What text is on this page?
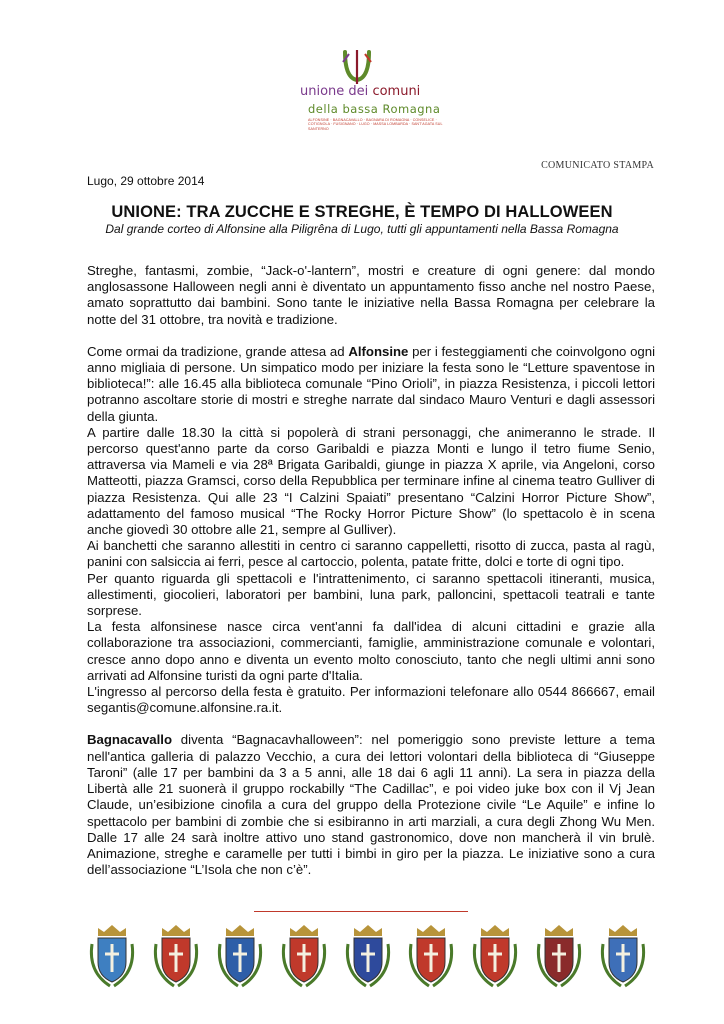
unione dei comuni
della bassa Romagna
ALFONSINE · BAGNACAVALLO · BAGNARA DI ROMAGNA · CONSELICE · COTIGNOLA · FUSIGNANO · LUGO · MASSA LOMBARDA · SANT'AGATA SUL SANTERNO
COMUNICATO STAMPA
Lugo, 29 ottobre 2014
UNIONE: TRA ZUCCHE E STREGHE, È TEMPO DI HALLOWEEN
Dal grande corteo di Alfonsine alla Piligrêna di Lugo, tutti gli appuntamenti nella Bassa Romagna

Streghe, fantasmi, zombie, “Jack-o'-lantern”, mostri e creature di ogni genere: dal mondo anglosassone Halloween negli anni è diventato un appuntamento fisso anche nel nostro Paese, amato soprattutto dai bambini. Sono tante le iniziative nella Bassa Romagna per celebrare la notte del 31 ottobre, tra novità e tradizione.

Come ormai da tradizione, grande attesa ad Alfonsine per i festeggiamenti che coinvolgono ogni anno migliaia di persone. Un simpatico modo per iniziare la festa sono le “Letture spaventose in biblioteca!”: alle 16.45 alla biblioteca comunale “Pino Orioli”, in piazza Resistenza, i piccoli lettori potranno ascoltare storie di mostri e streghe narrate dal sindaco Mauro Venturi e dagli assessori della giunta.

A partire dalle 18.30 la città si popolerà di strani personaggi, che animeranno le strade. Il percorso quest'anno parte da corso Garibaldi e piazza Monti e lungo il tetro fiume Senio, attraversa via Mameli e via 28ª Brigata Garibaldi, giunge in piazza X aprile, via Angeloni, corso Matteotti, piazza Gramsci, corso della Repubblica per terminare infine al cinema teatro Gulliver di piazza Resistenza. Qui alle 23 “I Calzini Spaiati” presentano “Calzini Horror Picture Show”, adattamento del famoso musical “The Rocky Horror Picture Show” (lo spettacolo è in scena anche giovedì 30 ottobre alle 21, sempre al Gulliver).

Ai banchetti che saranno allestiti in centro ci saranno cappelletti, risotto di zucca, pasta al ragù, panini con salsiccia ai ferri, pesce al cartoccio, polenta, patate fritte, dolci e torte di ogni tipo.

Per quanto riguarda gli spettacoli e l'intrattenimento, ci saranno spettacoli itineranti, musica, allestimenti, giocolieri, laboratori per bambini, luna park, palloncini, spettacoli teatrali e tante sorprese.

La festa alfonsinese nasce circa vent'anni fa dall'idea di alcuni cittadini e grazie alla collaborazione tra associazioni, commercianti, famiglie, amministrazione comunale e volontari, cresce anno dopo anno e diventa un evento molto conosciuto, tanto che negli ultimi anni sono arrivati ad Alfonsine turisti da ogni parte d'Italia.

L'ingresso al percorso della festa è gratuito. Per informazioni telefonare allo 0544 866667, email segantis@comune.alfonsine.ra.it.

Bagnacavallo diventa “Bagnacavhalloween”: nel pomeriggio sono previste letture a tema nell'antica galleria di palazzo Vecchio, a cura dei lettori volontari della biblioteca di “Giuseppe Taroni” (alle 17 per bambini da 3 a 5 anni, alle 18 dai 6 agli 11 anni). La sera in piazza della Libertà alle 21 suonerà il gruppo rockabilly “The Cadillac”, e poi video juke box con il Vj Jean Claude, un’esibizione cinofila a cura del gruppo della Protezione civile “Le Aquile” e infine lo spettacolo per bambini di zombie che si esibiranno in arti marziali, a cura degli Zhong Wu Men. Dalle 17 alle 24 sarà inoltre attivo uno stand gastronomico, dove non mancherà il vin brulè. Animazione, streghe e caramelle per tutti i bimbi in giro per la piazza. Le iniziative sono a cura dell’associazione “L’Isola che non c’è”.
